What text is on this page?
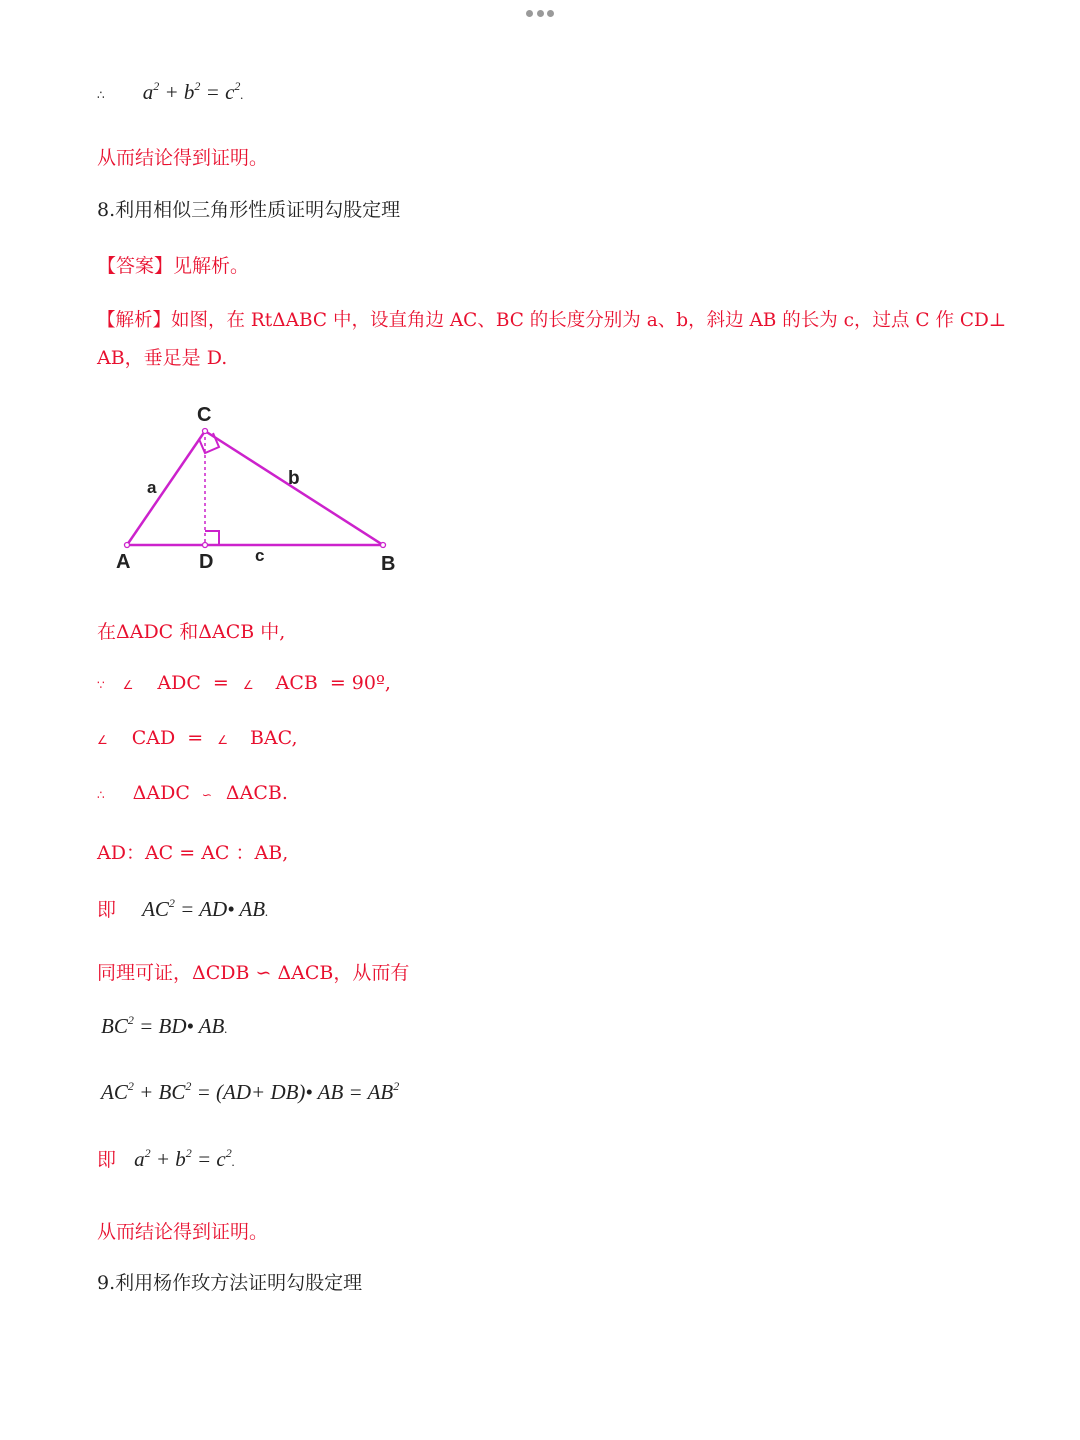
∴ $a^2 + b^2 = c^2$.
从而结论得到证明。
8.利用相似三角形性质证明勾股定理
【答案】见解析。
【解析】如图，在 RtΔABC 中，设直角边 AC、BC 的长度分别为 a、b，斜边 AB 的长为 c，过点 C 作 CD⊥
AB，垂足是 D.
C
a	b
A	D c	B
在ΔADC 和ΔACB 中,
∵ ∠ ADC = ∠ ACB = 90º,
∠ CAD = ∠ BAC,
∴ ΔADC ∽ ΔACB.
AD：AC = AC ：AB,
即 $AC^2$ = AD• AB.
同理可证，ΔCDB ∽ ΔACB，从而有
$BC^2$ = BD• AB.
$AC^2 + BC^2 = (AD+$ DB)• AB = $AB^2$
即 $a^2 + b^2 = c^2$.
从而结论得到证明。
9.利用杨作玫方法证明勾股定理
